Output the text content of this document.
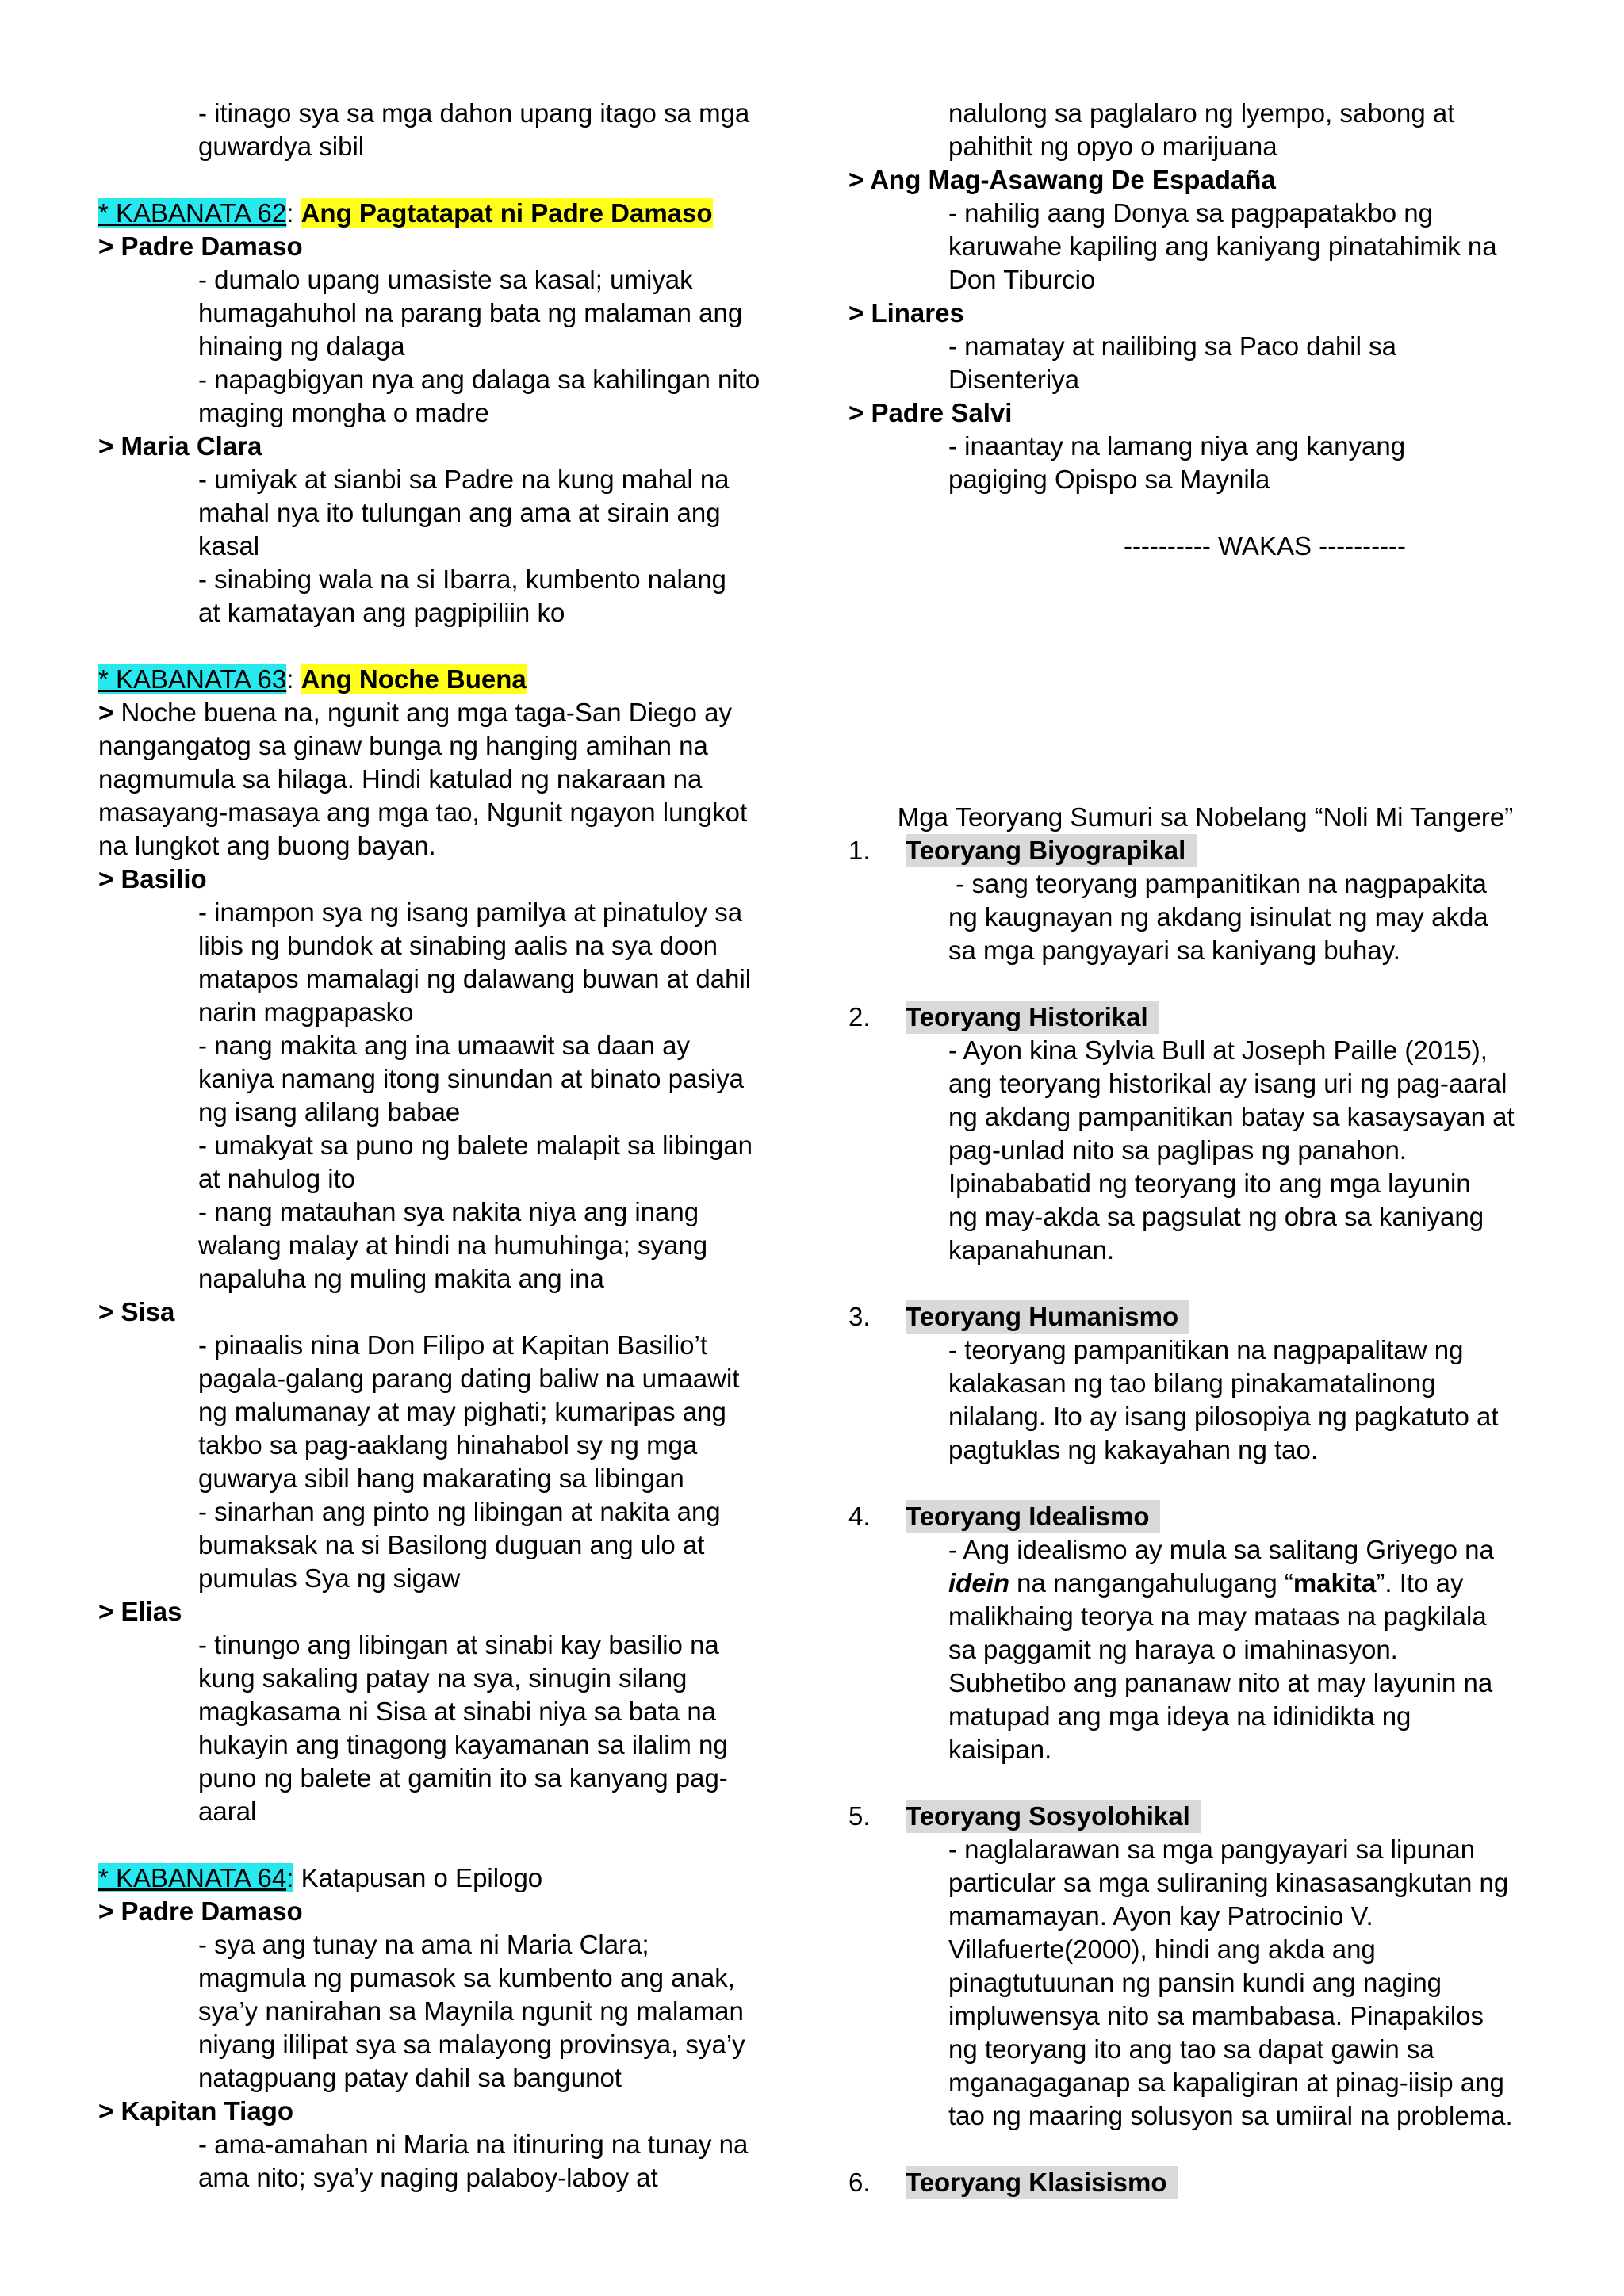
- itinago sya sa mga dahon upang itago sa mga

guwardya sibil

* KABANATA 62: Ang Pagtatapat ni Padre Damaso

> Padre Damaso

- dumalo upang umasiste sa kasal; umiyak

humagahuhol na parang bata ng malaman ang

hinaing ng dalaga

- napagbigyan nya ang dalaga sa kahilingan nito

maging mongha o madre

> Maria Clara

- umiyak at sianbi sa Padre na kung mahal na

mahal nya ito tulungan ang ama at sirain ang

kasal

- sinabing wala na si Ibarra, kumbento nalang

at kamatayan ang pagpipiliin ko

* KABANATA 63: Ang Noche Buena

> Noche buena na, ngunit ang mga taga-San Diego ay

nangangatog sa ginaw bunga ng hanging amihan na

nagmumula sa hilaga. Hindi katulad ng nakaraan na

masayang-masaya ang mga tao, Ngunit ngayon lungkot

na lungkot ang buong bayan.

> Basilio

- inampon sya ng isang pamilya at pinatuloy sa

libis ng bundok at sinabing aalis na sya doon

matapos mamalagi ng dalawang buwan at dahil

narin magpapasko

- nang makita ang ina umaawit sa daan ay

kaniya namang itong sinundan at binato pasiya

ng isang alilang babae

- umakyat sa puno ng balete malapit sa libingan

at nahulog ito

- nang matauhan sya nakita niya ang inang

walang malay at hindi na humuhinga; syang

napaluha ng muling makita ang ina

> Sisa

- pinaalis nina Don Filipo at Kapitan Basilio’t

pagala-galang parang dating baliw na umaawit

ng malumanay at may pighati; kumaripas ang

takbo sa pag-aaklang hinahabol sy ng mga

guwarya sibil hang makarating sa libingan

- sinarhan ang pinto ng libingan at nakita ang

bumaksak na si Basilong duguan ang ulo at

pumulas Sya ng sigaw

> Elias

- tinungo ang libingan at sinabi kay basilio na

kung sakaling patay na sya, sinugin silang

magkasama ni Sisa at sinabi niya sa bata na

hukayin ang tinagong kayamanan sa ilalim ng

puno ng balete at gamitin ito sa kanyang pag-

aaral

* KABANATA 64: Katapusan o Epilogo

> Padre Damaso

- sya ang tunay na ama ni Maria Clara;

magmula ng pumasok sa kumbento ang anak,

sya’y nanirahan sa Maynila ngunit ng malaman

niyang ililipat sya sa malayong provinsya, sya’y

natagpuang patay dahil sa bangunot

> Kapitan Tiago

- ama-amahan ni Maria na itinuring na tunay na

ama nito; sya’y naging palaboy-laboy at

nalulong sa paglalaro ng lyempo, sabong at

pahithit ng opyo o marijuana

> Ang Mag-Asawang De Espadaña

- nahilig aang Donya sa pagpapatakbo ng

karuwahe kapiling ang kaniyang pinatahimik na

Don Tiburcio

> Linares

- namatay at nailibing sa Paco dahil sa

Disenteriya

> Padre Salvi

- inaantay na lamang niya ang kanyang

pagiging Opispo sa Maynila

---------- WAKAS ----------

Mga Teoryang Sumuri sa Nobelang “Noli Mi Tangere”

1.	Teoryang Biyograpikal

- sang teoryang pampanitikan na nagpapakita

ng kaugnayan ng akdang isinulat ng may akda

sa mga pangyayari sa kaniyang buhay.

2.	Teoryang Historikal

- Ayon kina Sylvia Bull at Joseph Paille (2015),

ang teoryang historikal ay isang uri ng pag-aaral

ng akdang pampanitikan batay sa kasaysayan at

pag-unlad nito sa paglipas ng panahon.

Ipinababatid ng teoryang ito ang mga layunin

ng may-akda sa pagsulat ng obra sa kaniyang

kapanahunan.

3.	Teoryang Humanismo

- teoryang pampanitikan na nagpapalitaw ng

kalakasan ng tao bilang pinakamatalinong

nilalang. Ito ay isang pilosopiya ng pagkatuto at

pagtuklas ng kakayahan ng tao.

4.	Teoryang Idealismo

- Ang idealismo ay mula sa salitang Griyego na

idein na nangangahulugang “makita”. Ito ay

malikhaing teorya na may mataas na pagkilala

sa paggamit ng haraya o imahinasyon.

Subhetibo ang pananaw nito at may layunin na

matupad ang mga ideya na idinidikta ng

kaisipan.

5.	Teoryang Sosyolohikal

- naglalarawan sa mga pangyayari sa lipunan

particular sa mga suliraning kinasasangkutan ng

mamamayan. Ayon kay Patrocinio V.

Villafuerte(2000), hindi ang akda ang

pinagtutuunan ng pansin kundi ang naging

impluwensya nito sa mambabasa. Pinapakilos

ng teoryang ito ang tao sa dapat gawin sa

mganagaganap sa kapaligiran at pinag-iisip ang

tao ng maaring solusyon sa umiiral na problema.

6.	Teoryang Klasisismo
